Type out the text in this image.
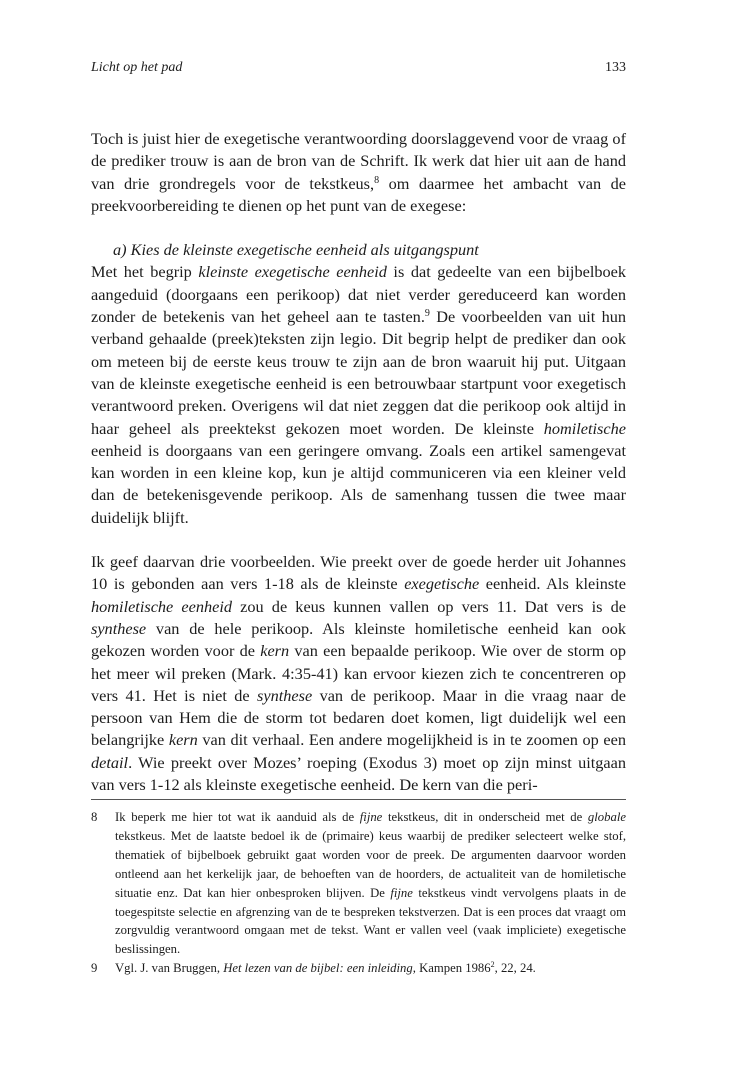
Licht op het pad	133

Toch is juist hier de exegetische verantwoording doorslaggevend voor de vraag of de prediker trouw is aan de bron van de Schrift. Ik werk dat hier uit aan de hand van drie grondregels voor de tekstkeus,$^8$ om daarmee het ambacht van de preekvoorbereiding te dienen op het punt van de exegese:

a) Kies de kleinste exegetische eenheid als uitgangspunt

Met het begrip kleinste exegetische eenheid is dat gedeelte van een bijbelboek aangeduid (doorgaans een perikoop) dat niet verder gereduceerd kan worden zonder de betekenis van het geheel aan te tasten.$^9$ De voorbeelden van uit hun verband gehaalde (preek)teksten zijn legio. Dit begrip helpt de prediker dan ook om meteen bij de eerste keus trouw te zijn aan de bron waaruit hij put. Uitgaan van de kleinste exegetische eenheid is een betrouwbaar startpunt voor exegetisch verantwoord preken. Overigens wil dat niet zeggen dat die perikoop ook altijd in haar geheel als preektekst gekozen moet worden. De kleinste homiletische eenheid is doorgaans van een geringere omvang. Zoals een artikel samengevat kan worden in een kleine kop, kun je altijd communiceren via een kleiner veld dan de betekenisgevende perikoop. Als de samenhang tussen die twee maar duidelijk blijft.

Ik geef daarvan drie voorbeelden. Wie preekt over de goede herder uit Johannes 10 is gebonden aan vers 1-18 als de kleinste exegetische eenheid. Als kleinste homiletische eenheid zou de keus kunnen vallen op vers 11. Dat vers is de synthese van de hele perikoop. Als kleinste homiletische eenheid kan ook gekozen worden voor de kern van een bepaalde perikoop. Wie over de storm op het meer wil preken (Mark. 4:35-41) kan ervoor kiezen zich te concentreren op vers 41. Het is niet de synthese van de perikoop. Maar in die vraag naar de persoon van Hem die de storm tot bedaren doet komen, ligt duidelijk wel een belangrijke kern van dit verhaal. Een andere mogelijkheid is in te zoomen op een detail. Wie preekt over Mozes’ roeping (Exodus 3) moet op zijn minst uitgaan van vers 1-12 als kleinste exegetische eenheid. De kern van die peri-

8 Ik beperk me hier tot wat ik aanduid als de fijne tekstkeus, dit in onderscheid met de globale tekstkeus. Met de laatste bedoel ik de (primaire) keus waarbij de prediker selecteert welke stof, thematiek of bijbelboek gebruikt gaat worden voor de preek. De argumenten daarvoor worden ontleend aan het kerkelijk jaar, de behoeften van de hoorders, de actualiteit van de homiletische situatie enz. Dat kan hier onbesproken blijven. De fijne tekstkeus vindt vervolgens plaats in de toegespitste selectie en afgrenzing van de te bespreken tekstverzen. Dat is een proces dat vraagt om zorgvuldig verantwoord omgaan met de tekst. Want er vallen veel (vaak impliciete) exegetische beslissingen.

9 Vgl. J. van Bruggen, Het lezen van de bijbel: een inleiding, Kampen 1986$^2$, 22, 24.
